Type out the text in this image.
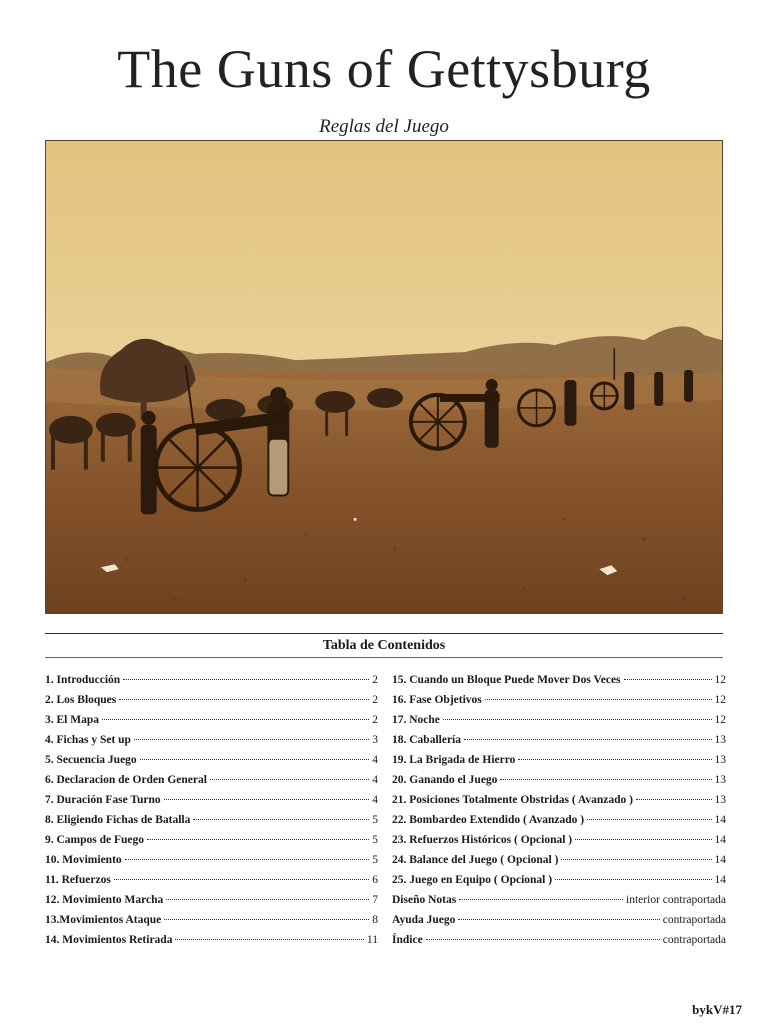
The Guns of Gettysburg
Reglas del Juego
Tabla de Contenidos
1. Introducción	2
2. Los Bloques	2
3. El Mapa	2
4. Fichas y Set up	3
5. Secuencia Juego	4
6. Declaracion de Orden General	4
7. Duración Fase Turno	4
8. Eligiendo Fichas de Batalla	5
9. Campos de Fuego	5
10. Movimiento	5
11. Refuerzos	6
12. Movimiento Marcha	7
13.Movimientos Ataque	8
14. Movimientos Retirada	11
15. Cuando un Bloque Puede Mover Dos Veces	12
16. Fase Objetivos	12
17. Noche	12
18. Caballería	13
19. La Brigada de Hierro	13
20. Ganando el Juego	13
21. Posiciones Totalmente Obstridas ( Avanzado )	13
22. Bombardeo Extendido ( Avanzado )	14
23. Refuerzos Históricos ( Opcional )	14
24. Balance del Juego ( Opcional )	14
25. Juego en Equipo ( Opcional )	14
Diseño Notas	interior contraportada
Ayuda Juego	contraportada
Índice	contraportada
bykV#17
